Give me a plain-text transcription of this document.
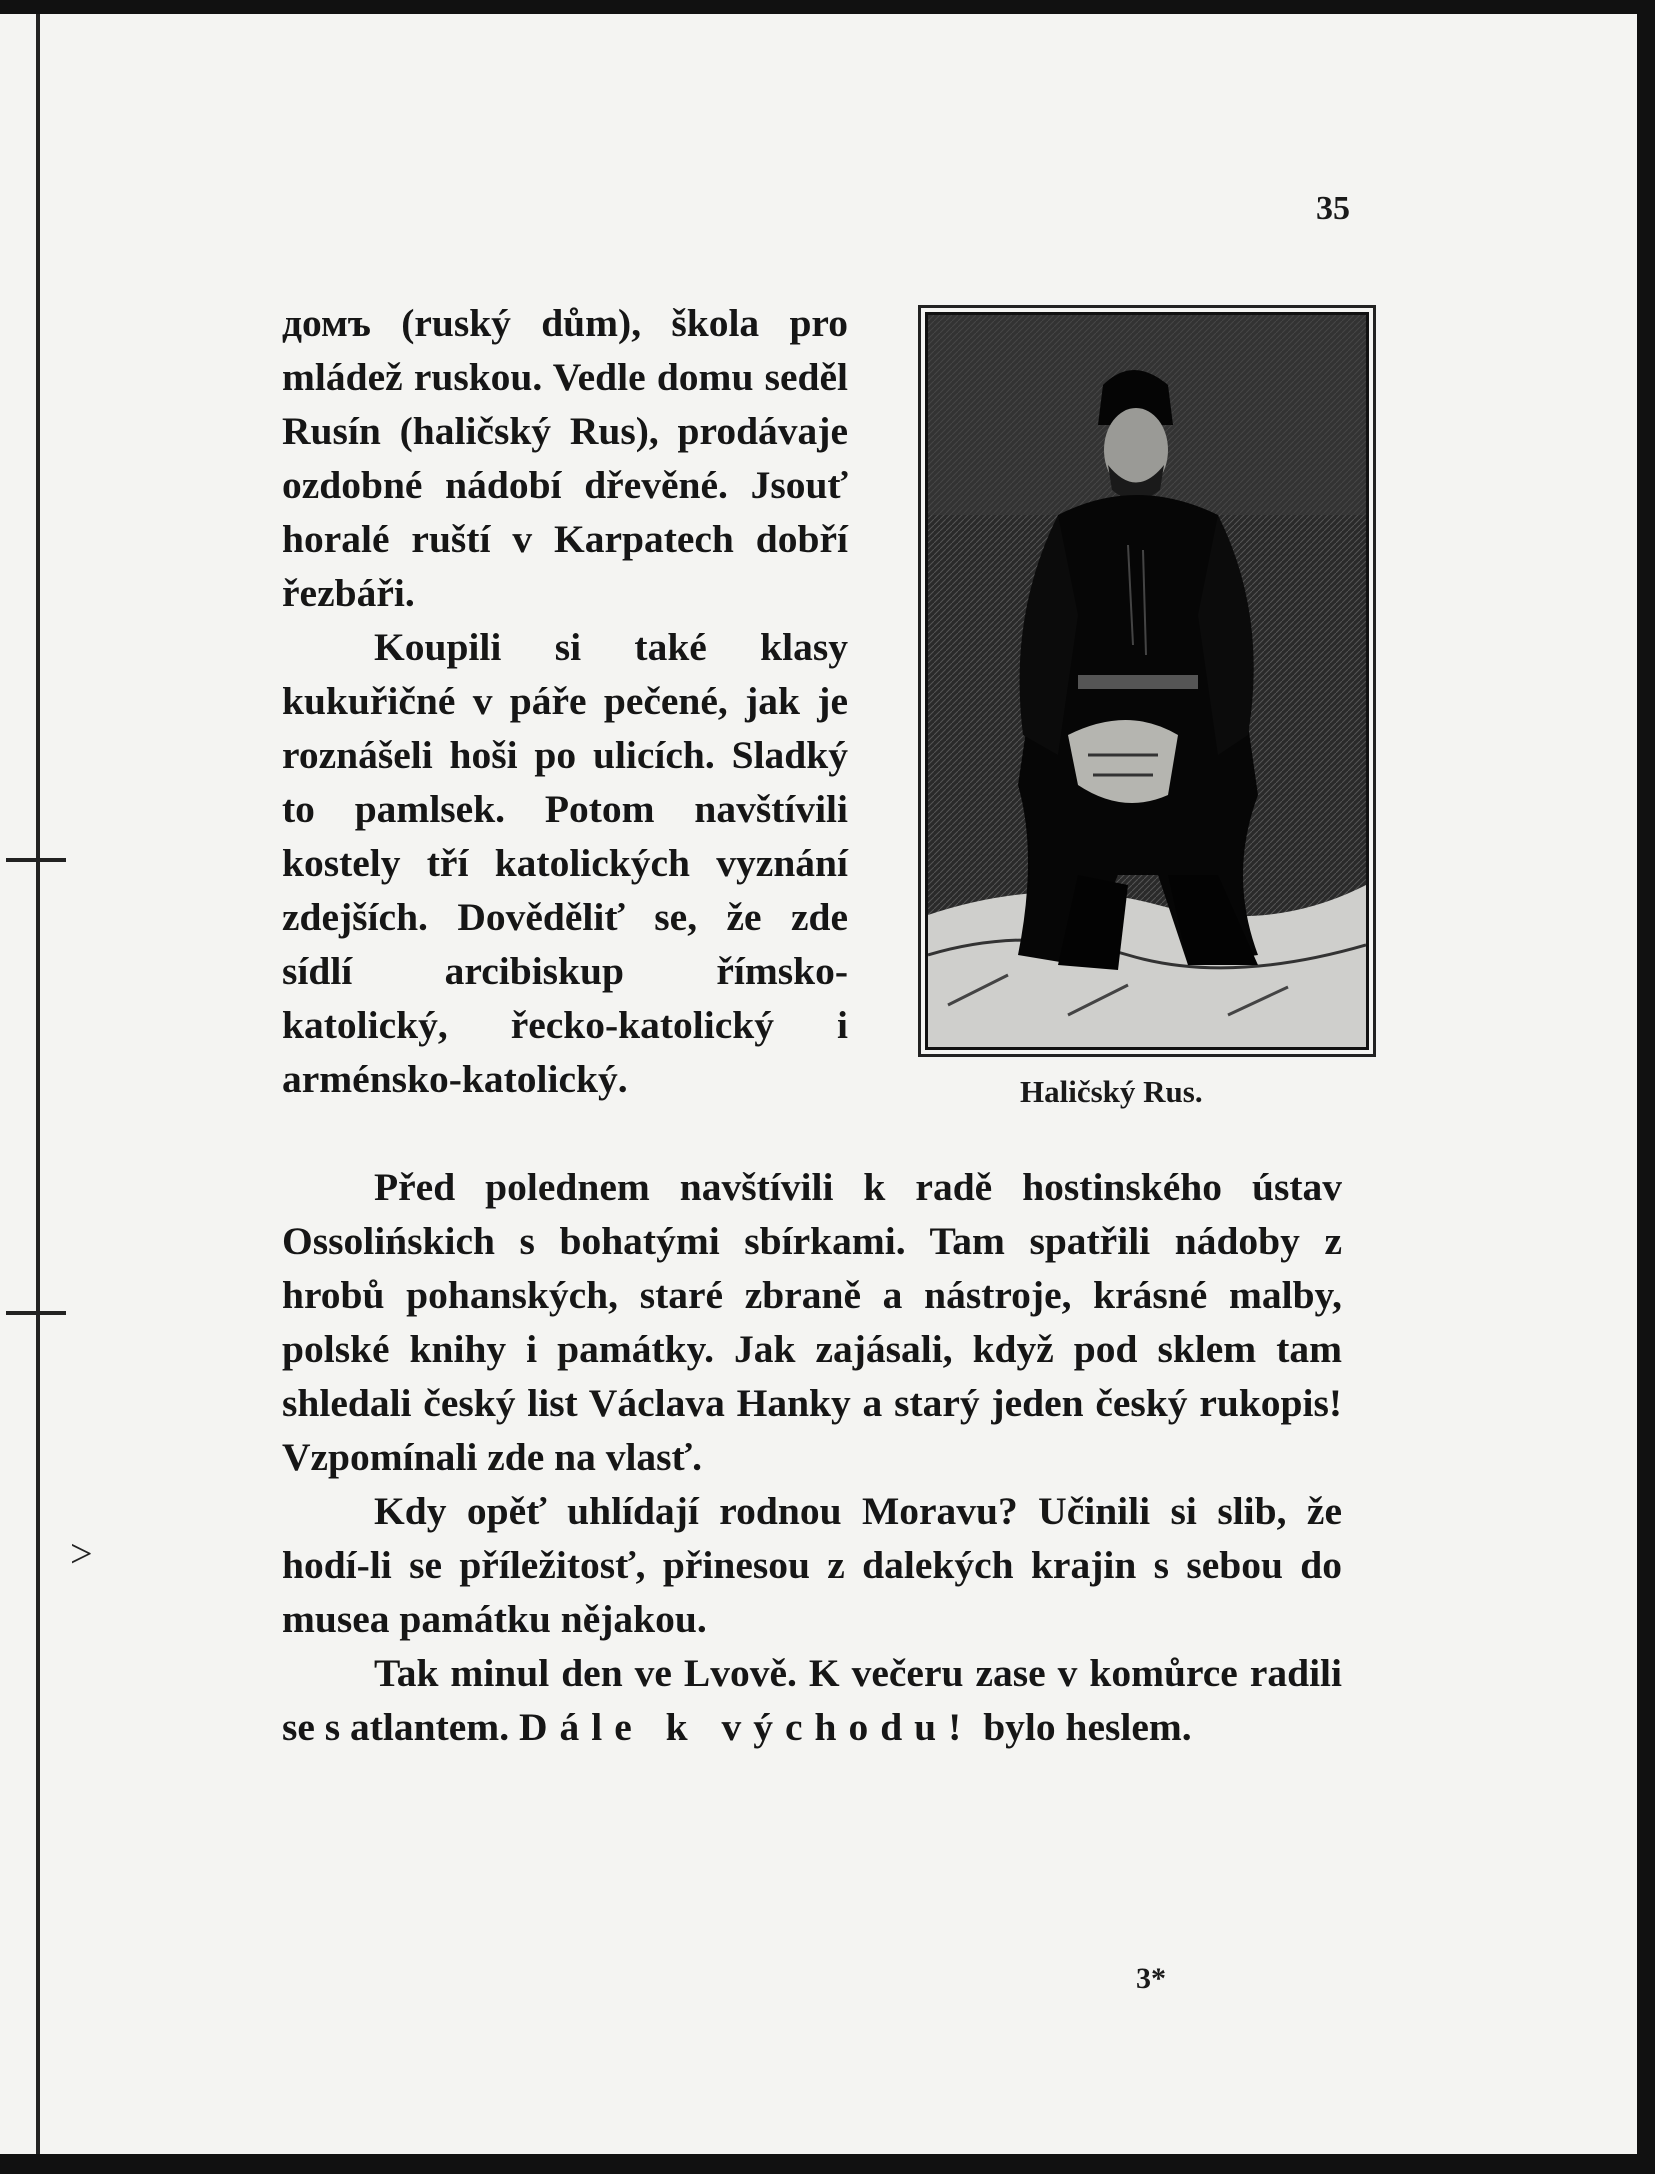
>
35

домъ (ruský dům), škola pro mládež ruskou. Vedle domu seděl Rusín (haličský Rus), prodávaje ozdobné nádobí dřevěné. Jsouť horalé ruští v Karpatech dobří řezbáři.

Koupili si také klasy kukuřičné v páře pečené, jak je roznášeli hoši po ulicích. Sladký to pamlsek. Potom navštívili kostely tří katolických vyznání zdejších. Dověděliť se, že zde sídlí arcibiskup římsko-katolický, řecko-katolický i arménsko-katolický.	Haličský Rus.

Před polednem navštívili k radě hostinského ústav Ossolińskich s bohatými sbírkami. Tam spatřili nádoby z hrobů pohanských, staré zbraně a nástroje, krásné malby, polské knihy i památky. Jak zajásali, když pod sklem tam shledali český list Václava Hanky a starý jeden český rukopis! Vzpomínali zde na vlasť.

Kdy opěť uhlídají rodnou Moravu? Učinili si slib, že hodí-li se příležitosť, přinesou z dalekých krajin s sebou do musea památku nějakou.

Tak minul den ve Lvově. K večeru zase v komůrce radili se s atlantem. Dále k východu! bylo heslem.

3*
